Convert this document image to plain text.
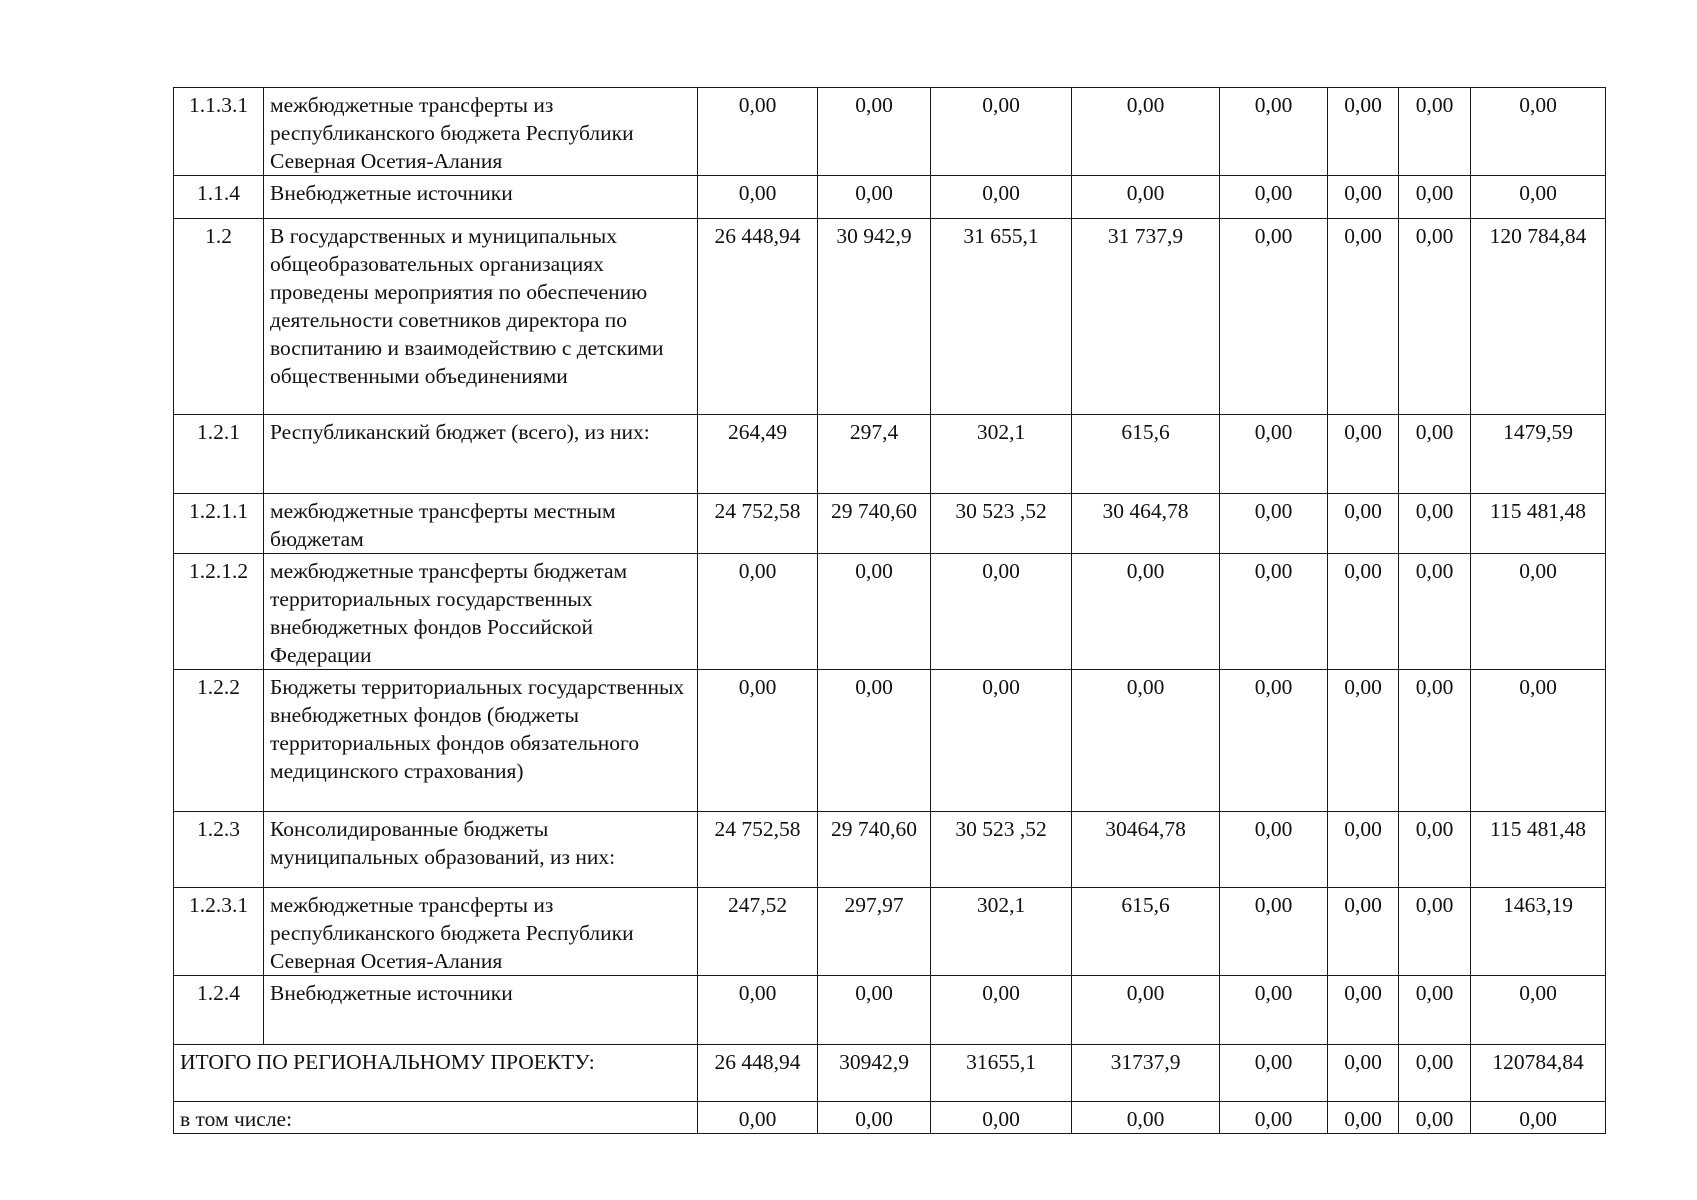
1.1.3.1	межбюджетные трансферты из республиканского бюджета Республики Северная Осетия-Алания	0,00	0,00	0,00	0,00	0,00	0,00	0,00	0,00
1.1.4	Внебюджетные источники	0,00	0,00	0,00	0,00	0,00	0,00	0,00	0,00
1.2	В государственных и муниципальных общеобразовательных организациях проведены мероприятия по обеспечению деятельности советников директора по воспитанию и взаимодействию с детскими общественными объединениями	26 448,94	30 942,9	31 655,1	31 737,9	0,00	0,00	0,00	120 784,84
1.2.1	Республиканский бюджет (всего), из них:	264,49	297,4	302,1	615,6	0,00	0,00	0,00	1479,59
1.2.1.1	межбюджетные трансферты местным бюджетам	24 752,58	29 740,60	30 523 ,52	30 464,78	0,00	0,00	0,00	115 481,48
1.2.1.2	межбюджетные трансферты бюджетам территориальных государственных внебюджетных фондов Российской Федерации	0,00	0,00	0,00	0,00	0,00	0,00	0,00	0,00
1.2.2	Бюджеты территориальных государственных внебюджетных фондов (бюджеты территориальных фондов обязательного медицинского страхования)	0,00	0,00	0,00	0,00	0,00	0,00	0,00	0,00
1.2.3	Консолидированные бюджеты муниципальных образований, из них:	24 752,58	29 740,60	30 523 ,52	30464,78	0,00	0,00	0,00	115 481,48
1.2.3.1	межбюджетные трансферты из республиканского бюджета Республики Северная Осетия-Алания	247,52	297,97	302,1	615,6	0,00	0,00	0,00	1463,19
1.2.4	Внебюджетные источники	0,00	0,00	0,00	0,00	0,00	0,00	0,00	0,00
ИТОГО ПО РЕГИОНАЛЬНОМУ ПРОЕКТУ:		26 448,94	30942,9	31655,1	31737,9	0,00	0,00	0,00	120784,84
в том числе:		0,00	0,00	0,00	0,00	0,00	0,00	0,00	0,00
